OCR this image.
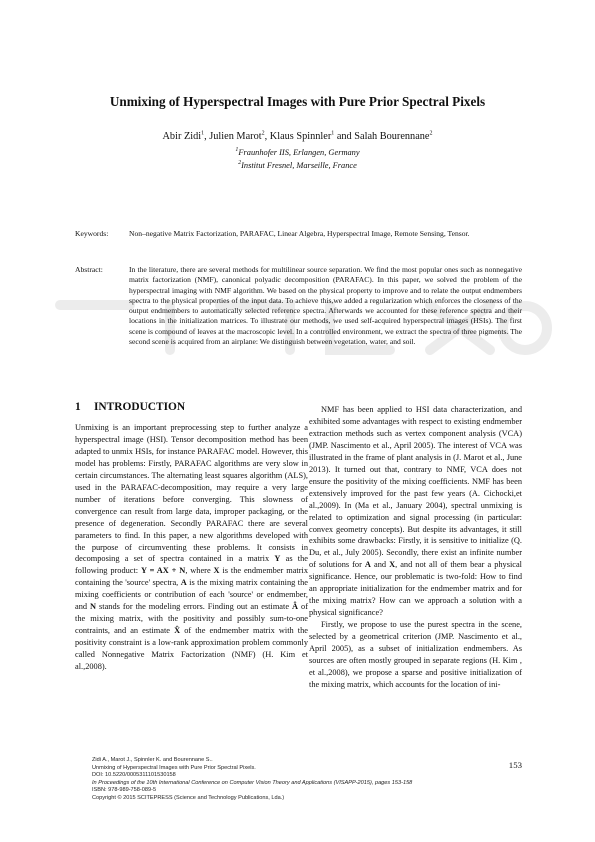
Unmixing of Hyperspectral Images with Pure Prior Spectral Pixels
Abir Zidi$^1$, Julien Marot$^2$, Klaus Spinnler$^1$ and Salah Bourennane$^2$
$^1$Fraunhofer IIS, Erlangen, Germany
$^2$Institut Fresnel, Marseille, France
Keywords:	Non–negative Matrix Factorization, PARAFAC, Linear Algebra, Hyperspectral Image, Remote Sensing, Tensor.
Abstract:	In the literature, there are several methods for multilinear source separation. We find the most popular ones such as nonnegative matrix factorization (NMF), canonical polyadic decomposition (PARAFAC). In this paper, we solved the problem of the hyperspectral imaging with NMF algorithm. We based on the physical property to improve and to relate the output endmembers spectra to the physical properties of the input data. To achieve this,we added a regularization which enforces the closeness of the output endmembers to automatically selected reference spectra. Afterwards we accounted for these reference spectra and their locations in the initialization matrices. To illustrate our methods, we used self-acquired hyperspectral images (HSIs). The first scene is compound of leaves at the macroscopic level. In a controlled environment, we extract the spectra of three pigments. The second scene is acquired from an airplane: We distinguish between vegetation, water, and soil.
1 INTRODUCTION

Unmixing is an important preprocessing step to further analyze a hyperspectral image (HSI). Tensor decomposition method has been adapted to unmix HSIs, for instance PARAFAC model. However, this model has problems: Firstly, PARAFAC algorithms are very slow in certain circumstances. The alternating least squares algorithm (ALS), used in the PARAFAC-decomposition, may require a very large number of iterations before converging. This slowness of convergence can result from large data, improper packaging, or the presence of degeneration. Secondly PARAFAC there are several parameters to find. In this paper, a new algorithms developed with the purpose of circumventing these problems. It consists in decomposing a set of spectra contained in a matrix Y as the following product: Y = AX + N, where X is the endmember matrix containing the 'source' spectra, A is the mixing matrix containing the mixing coefficients or contribution of each 'source' or endmember, and N stands for the modeling errors. Finding out an estimate Â of the mixing matrix, with the positivity and possibly sum-to-one contraints, and an estimate X̂ of the endmember matrix with the positivity constraint is a low-rank approximation problem commonly called Nonnegative Matrix Factorization (NMF) (H. Kim et al.,2008).

NMF has been applied to HSI data characterization, and exhibited some advantages with respect to existing endmember extraction methods such as vertex component analysis (VCA) (JMP. Nascimento et al., April 2005). The interest of VCA was illustrated in the frame of plant analysis in (J. Marot et al., June 2013). It turned out that, contrary to NMF, VCA does not ensure the positivity of the mixing coefficients. NMF has been extensively improved for the past few years (A. Cichocki,et al.,2009). In (Ma et al., January 2004), spectral unmixing is related to optimization and signal processing (in particular: convex geometry concepts). But despite its advantages, it still exhibits some drawbacks: Firstly, it is sensitive to initialize (Q. Du, et al., July 2005). Secondly, there exist an infinite number of solutions for A and X, and not all of them bear a physical significance. Hence, our problematic is two-fold: How to find an appropriate initialization for the endmember matrix and for the mixing matrix? How can we approach a solution with a physical significance?

Firstly, we propose to use the purest spectra in the scene, selected by a geometrical criterion (JMP. Nascimento et al., April 2005), as a subset of initialization endmembers. As sources are often mostly grouped in separate regions (H. Kim , et al.,2008), we propose a sparse and positive initialization of the mixing matrix, which accounts for the location of ini-

Zidi A., Marot J., Spinnler K. and Bourennane S..
Unmixing of Hyperspectral Images with Pure Prior Spectral Pixels.
DOI: 10.5220/0005311101530158
In Proceedings of the 10th International Conference on Computer Vision Theory and Applications (VISAPP-2015), pages 153-158
ISBN: 978-989-758-089-5
Copyright © 2015 SCITEPRESS (Science and Technology Publications, Lda.)
153
